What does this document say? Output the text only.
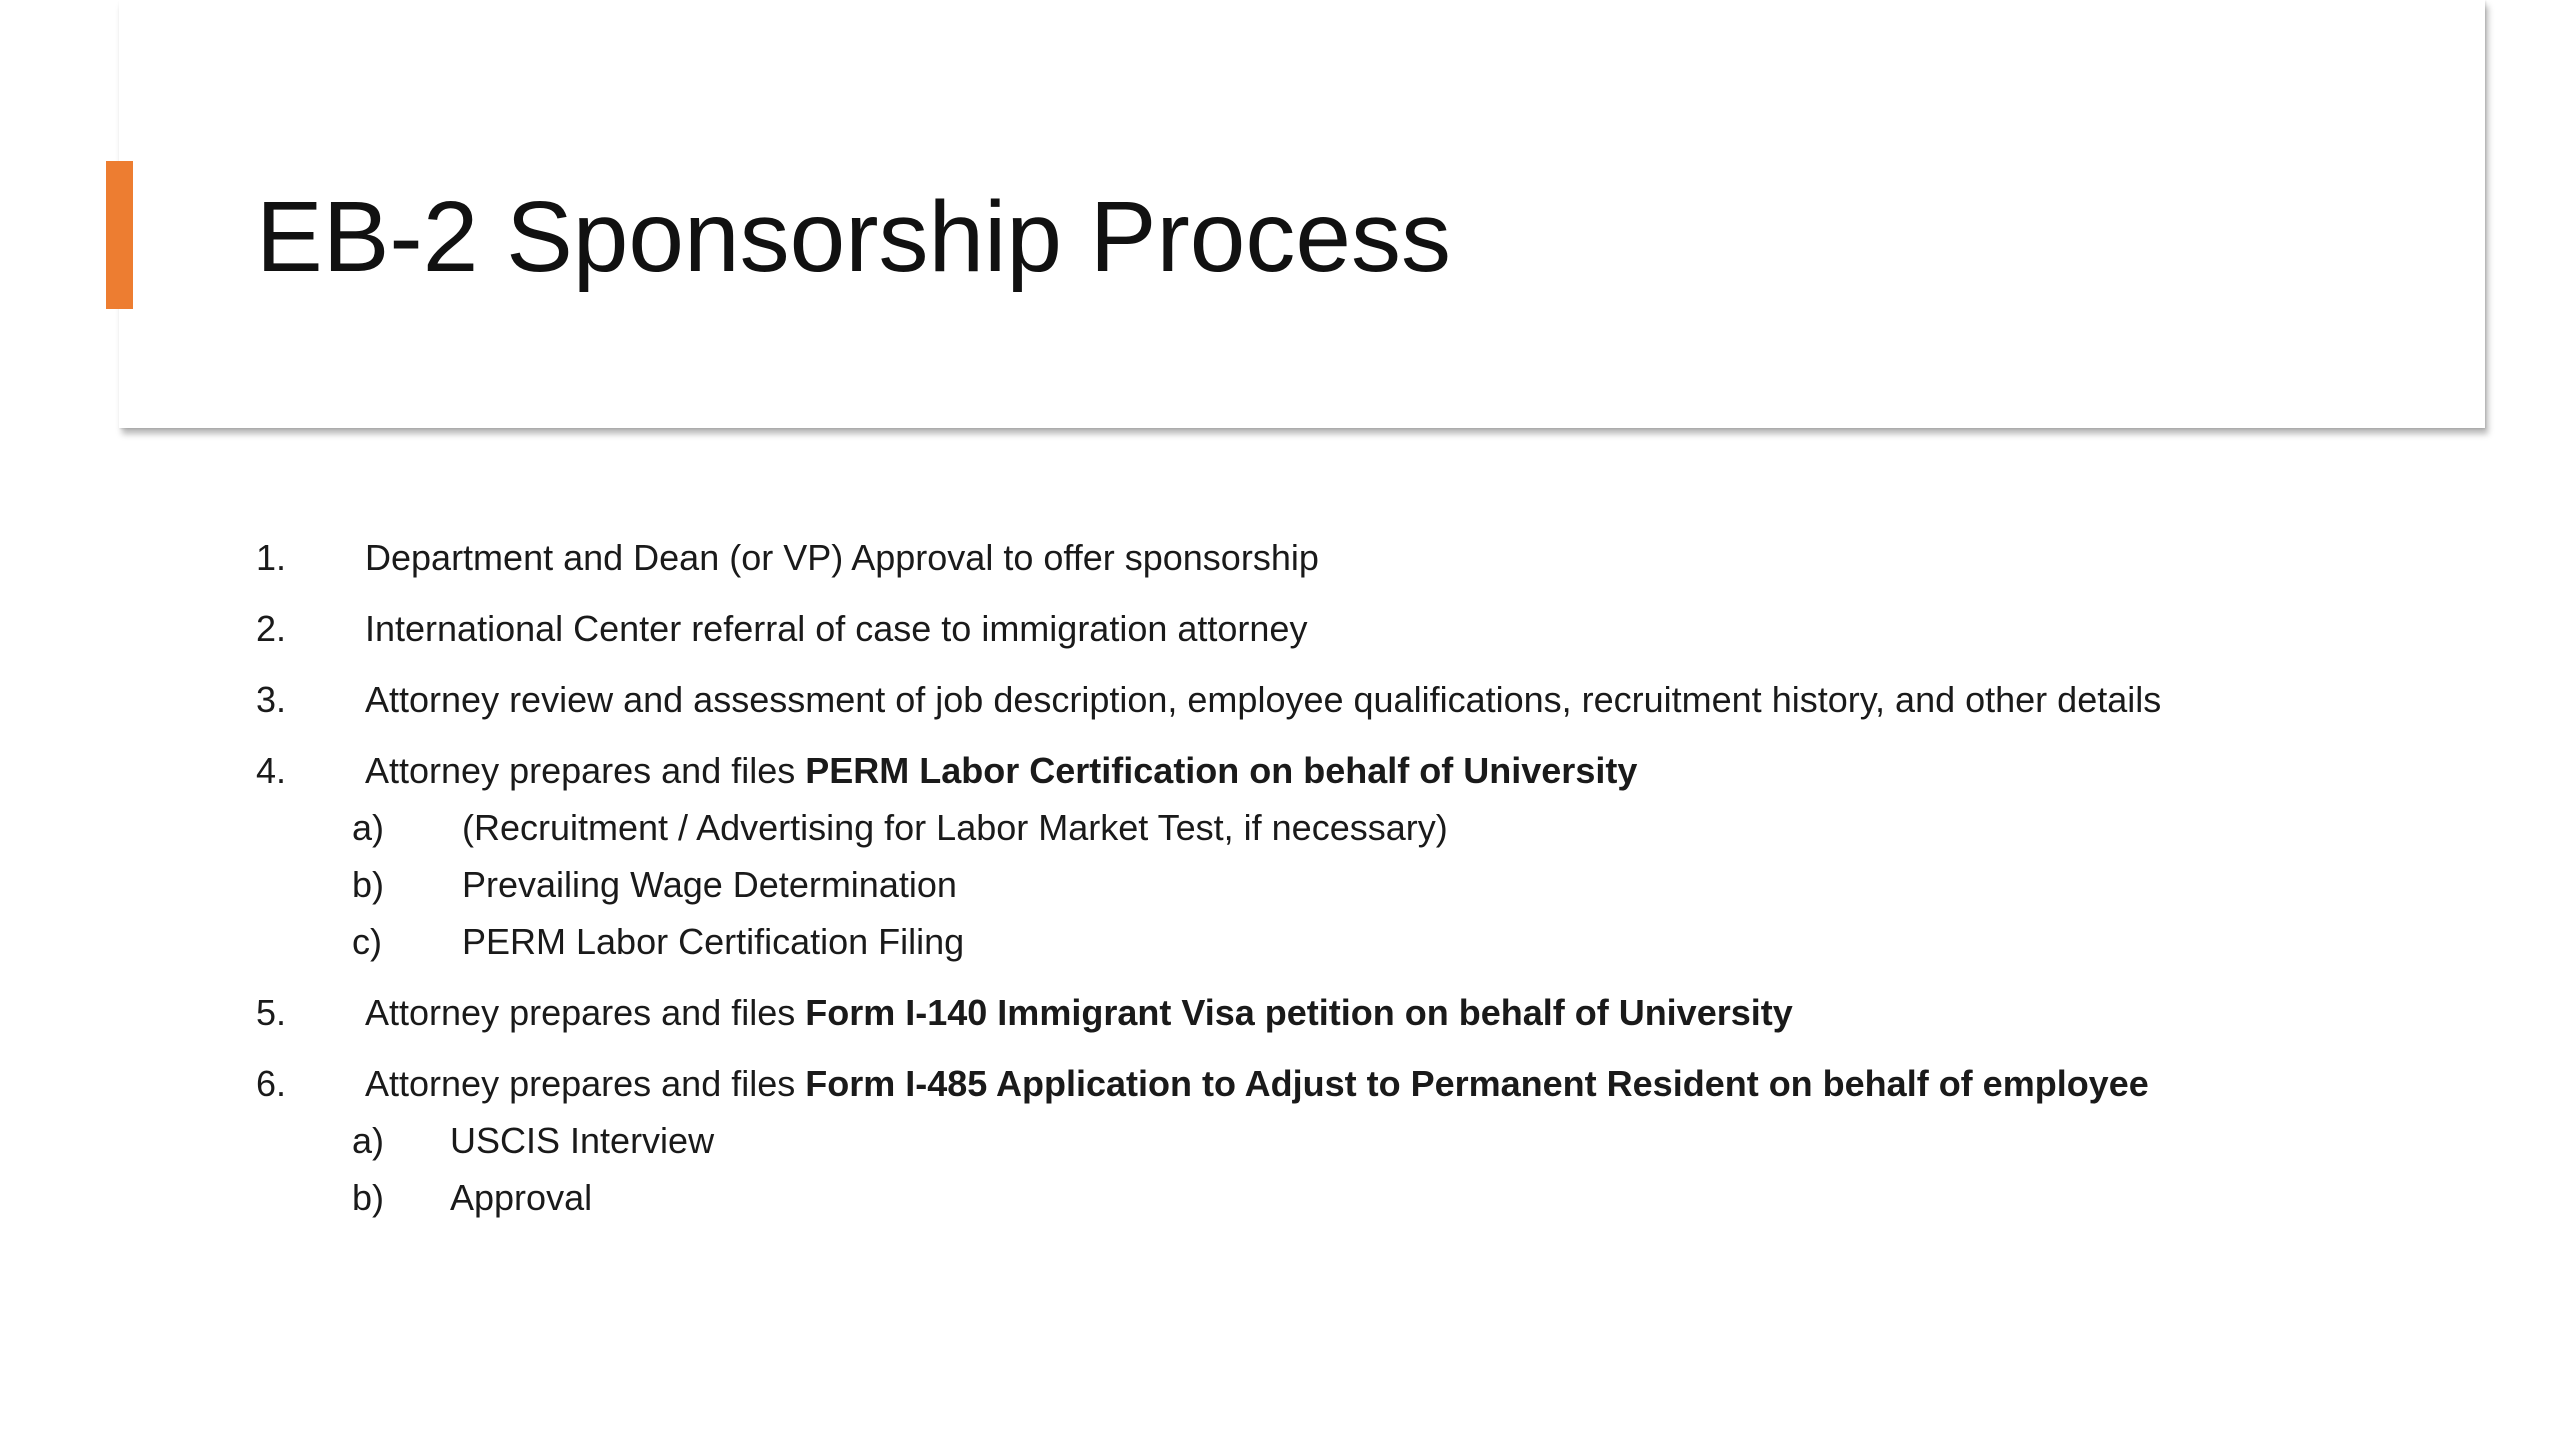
EB-2 Sponsorship Process
1. Department and Dean (or VP) Approval to offer sponsorship
2. International Center referral of case to immigration attorney
3. Attorney review and assessment of job description, employee qualifications, recruitment history, and other details
4. Attorney prepares and files PERM Labor Certification on behalf of University
a) (Recruitment / Advertising for Labor Market Test, if necessary)
b) Prevailing Wage Determination
c) PERM Labor Certification Filing
5. Attorney prepares and files Form I-140 Immigrant Visa petition on behalf of University
6. Attorney prepares and files Form I-485 Application to Adjust to Permanent Resident on behalf of employee
a) USCIS Interview
b) Approval
